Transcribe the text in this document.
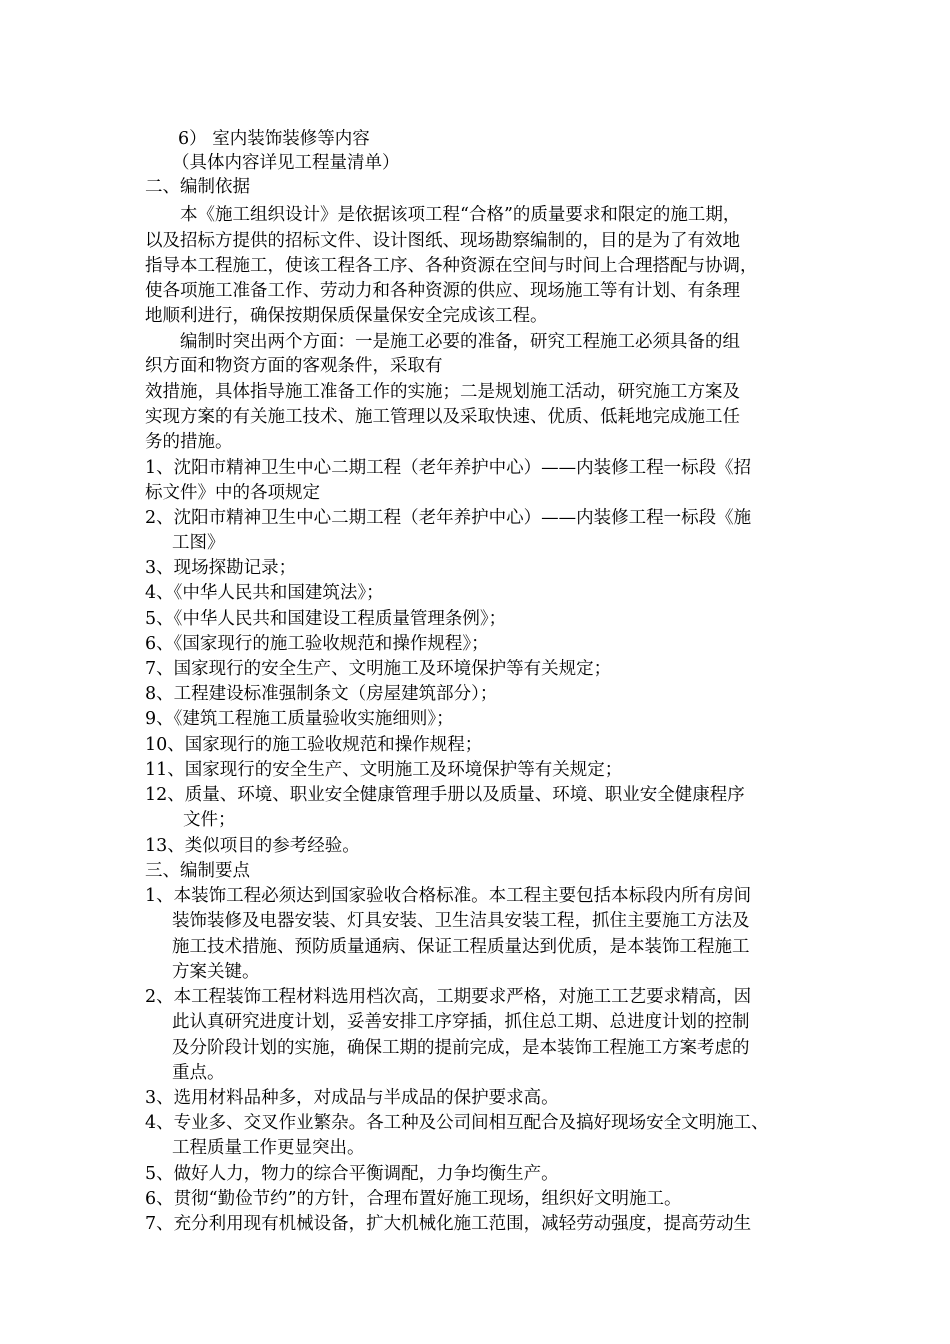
6） 室内装饰装修等内容
（具体内容详见工程量清单）
二、编制依据
本《施工组织设计》是依据该项工程“合格”的质量要求和限定的施工期，
以及招标方提供的招标文件、设计图纸、现场勘察编制的，目的是为了有效地
指导本工程施工，使该工程各工序、各种资源在空间与时间上合理搭配与协调，
使各项施工准备工作、劳动力和各种资源的供应、现场施工等有计划、有条理
地顺利进行，确保按期保质保量保安全完成该工程。
编制时突出两个方面：一是施工必要的准备，研究工程施工必须具备的组
织方面和物资方面的客观条件，采取有
效措施，具体指导施工准备工作的实施；二是规划施工活动，研究施工方案及
实现方案的有关施工技术、施工管理以及采取快速、优质、低耗地完成施工任
务的措施。
1、沈阳市精神卫生中心二期工程（老年养护中心）——内装修工程一标段《招
标文件》中的各项规定
2、沈阳市精神卫生中心二期工程（老年养护中心）——内装修工程一标段《施
工图》
3、现场探勘记录；
4、《中华人民共和国建筑法》；
5、《中华人民共和国建设工程质量管理条例》；
6、《国家现行的施工验收规范和操作规程》；
7、国家现行的安全生产、文明施工及环境保护等有关规定；
8、工程建设标准强制条文（房屋建筑部分）；
9、《建筑工程施工质量验收实施细则》；
10、国家现行的施工验收规范和操作规程；
11、国家现行的安全生产、文明施工及环境保护等有关规定；
12、质量、环境、职业安全健康管理手册以及质量、环境、职业安全健康程序
文件；
13、类似项目的参考经验。
三、编制要点
1、本装饰工程必须达到国家验收合格标准。本工程主要包括本标段内所有房间
装饰装修及电器安装、灯具安装、卫生洁具安装工程，抓住主要施工方法及
施工技术措施、预防质量通病、保证工程质量达到优质，是本装饰工程施工
方案关键。
2、本工程装饰工程材料选用档次高，工期要求严格，对施工工艺要求精高，因
此认真研究进度计划，妥善安排工序穿插，抓住总工期、总进度计划的控制
及分阶段计划的实施，确保工期的提前完成，是本装饰工程施工方案考虑的
重点。
3、选用材料品种多，对成品与半成品的保护要求高。
4、专业多、交叉作业繁杂。各工种及公司间相互配合及搞好现场安全文明施工、
工程质量工作更显突出。
5、做好人力，物力的综合平衡调配，力争均衡生产。
6、贯彻“勤俭节约”的方针，合理布置好施工现场，组织好文明施工。
7、充分利用现有机械设备，扩大机械化施工范围，减轻劳动强度，提高劳动生
